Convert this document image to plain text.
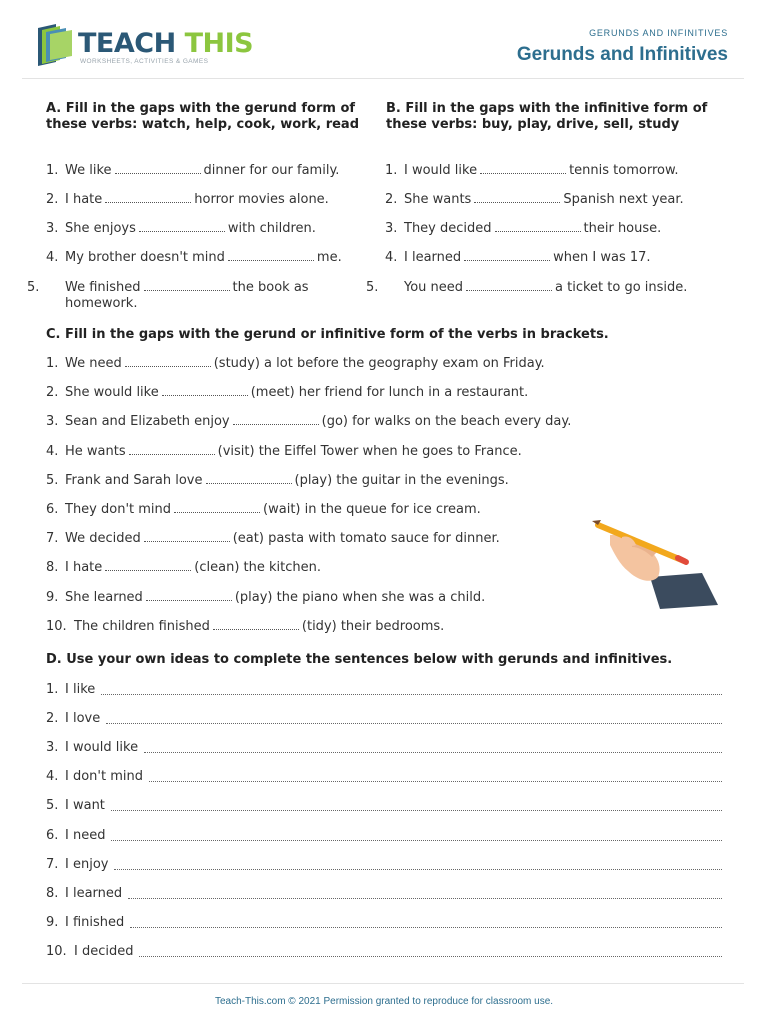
TEACH THIS
WORKSHEETS, ACTIVITIES & GAMES
GERUNDS AND INFINITIVES
Gerunds and Infinitives
A. Fill in the gaps with the gerund form of these verbs: watch, help, cook, work, read
1. We like	dinner for our family.
2. I hate	horror movies alone.
3. She enjoys	with children.
4. My brother doesn't mind	me.
5. We finished	the book as homework.
B. Fill in the gaps with the infinitive form of these verbs: buy, play, drive, sell, study
1. I would like	tennis tomorrow.
2. She wants	Spanish next year.
3. They decided	their house.
4. I learned	when I was 17.
5. You need	a ticket to go inside.
C. Fill in the gaps with the gerund or infinitive form of the verbs in brackets.
1. We need	(study) a lot before the geography exam on Friday.
2. She would like	(meet) her friend for lunch in a restaurant.
3. Sean and Elizabeth enjoy	(go) for walks on the beach every day.
4. He wants	(visit) the Eiffel Tower when he goes to France.
5. Frank and Sarah love	(play) the guitar in the evenings.
6. They don't mind	(wait) in the queue for ice cream.
7. We decided	(eat) pasta with tomato sauce for dinner.
8. I hate	(clean) the kitchen.
9. She learned	(play) the piano when she was a child.
10. The children finished	(tidy) their bedrooms.
D. Use your own ideas to complete the sentences below with gerunds and infinitives.
1. I like
2. I love
3. I would like
4. I don't mind
5. I want
6. I need
7. I enjoy
8. I learned
9. I finished
10. I decided
Teach-This.com © 2021 Permission granted to reproduce for classroom use.
